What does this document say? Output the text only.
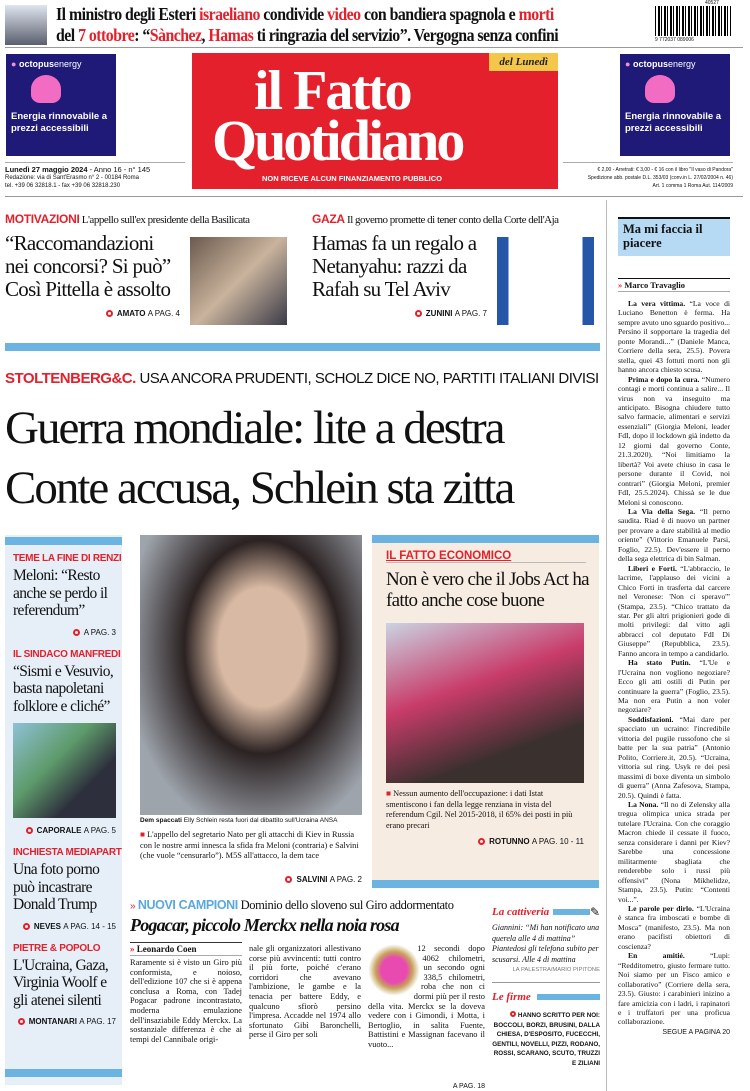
Il ministro degli Esteri israeliano condivide video con bandiera spagnola e morti
del 7 ottobre: “Sànchez, Hamas ti ringrazia del servizio”. Vergogna senza confini
40527
9 772037 089006
● octopusenergy
Energia rinnovabile a prezzi accessibili
● octopusenergy
Energia rinnovabile a prezzi accessibili
del Lunedì
il Fatto
Quotidiano
NON RICEVE ALCUN FINANZIAMENTO PUBBLICO
Lunedì 27 maggio 2024 - Anno 16 - n° 145
Redazione: via di Sant'Erasmo n° 2 - 00184 Roma
tel. +39 06 32818.1 - fax +39 06 32818.230
€ 2,00 - Arretrati: € 3,00 - € 16 con il libro "Il vaso di Pandora"
Spedizione abb. postale D.L. 353/03 (conv.in L. 27/02/2004 n. 46)
Art. 1 comma 1 Roma Aut. 114/2009
MOTIVAZIONI L'appello sull'ex presidente della Basilicata
“Raccomandazioni nei concorsi? Si può” Così Pittella è assolto
AMATO A PAG. 4
GAZA Il governo promette di tener conto della Corte dell'Aja
Hamas fa un regalo a Netanyahu: razzi da Rafah su Tel Aviv
ZUNINI A PAG. 7
STOLTENBERG&C. USA ANCORA PRUDENTI, SCHOLZ DICE NO, PARTITI ITALIANI DIVISI
Guerra mondiale: lite a destra
Conte accusa, Schlein sta zitta
TEME LA FINE DI RENZI
Meloni: “Resto anche se perdo il referendum”
A PAG. 3
IL SINDACO MANFREDI
“Sismi e Vesuvio, basta napoletani folklore e cliché”
CAPORALE A PAG. 5
INCHIESTA MEDIAPART
Una foto porno può incastrare Donald Trump
NEVES A PAG. 14 - 15
PIETRE & POPOLO
L'Ucraina, Gaza, Virginia Woolf e gli atenei silenti
MONTANARI A PAG. 17
Dem spaccati Elly Schlein resta fuori dal dibattito sull'Ucraina ANSA
■ L'appello del segretario Nato per gli attacchi di Kiev in Russia con le nostre armi innesca la sfida fra Meloni (contraria) e Salvini (che vuole “censurarlo”). M5S all'attacco, la dem tace
SALVINI A PAG. 2
IL FATTO ECONOMICO
Non è vero che il Jobs Act ha fatto anche cose buone
■ Nessun aumento dell'occupazione: i dati Istat smentiscono i fan della legge renziana in vista del referendum Cgil. Nel 2015-2018, il 65% dei posti in più erano precari
ROTUNNO A PAG. 10 - 11
» NUOVI CAMPIONI Dominio dello sloveno sul Giro addormentato
Pogacar, piccolo Merckx nella noia rosa
» Leonardo Coen
Raramente si è visto un Giro più conformista, e noioso, dell'edizione 107 che si è appena conclusa a Roma, con Tadej Pogacar padrone incontrastato, moderna emulazione dell'insaziabile Eddy Merckx. La sostanziale differenza è che ai tempi del Cannibale origi-
nale gli organizzatori allestivano corse più avvincenti: tutti contro il più forte, poiché c'erano corridori che avevano l'ambizione, le gambe e la tenacia per battere Eddy, e qualcuno sfiorò persino l'impresa. Accadde nel 1974 allo sfortunato Gibì Baronchelli, perse il Giro per soli
12 secondi dopo 4062 chilometri, un secondo ogni 338,5 chilometri, roba che non ci dormi più per il resto della vita. Merckx se la doveva vedere con i Gimondi, i Motta, i Bertoglio, in salita Fuente, Battistini e Massignan facevano il vuoto...
A PAG. 18
La cattiveria	✎
Giannini: “Mi han notificato una querela alle 4 di mattina” Piantedosi gli telefona subito per scusarsi. Alle 4 di mattina
LA PALESTRA/MARIO PIPITONE
Le firme
HANNO SCRITTO PER NOI:
BOCCOLI, BORZI, BRUSINI, DALLA CHIESA, D'ESPOSITO, FUCECCHI, GENTILI, NOVELLI, PIZZI, RODANO, ROSSI, SCARANO, SCUTO, TRUZZI E ZILIANI
Ma mi faccia il piacere
» Marco Travaglio

La vera vittima. “La voce di Luciano Benetton è ferma. Ha sempre avuto uno sguardo positivo... Persino il sopportare la tragedia del ponte Morandi...” (Daniele Manca, Corriere della sera, 25.5). Povera stella, quei 43 fottuti morti non gli hanno ancora chiesto scusa.

Prima e dopo la cura. “Numero contagi e morti continua a salire... Il virus non va inseguito ma anticipato. Bisogna chiudere tutto salvo farmacie, alimentari e servizi essenziali” (Giorgia Meloni, leader FdI, dopo il lockdown già indetto da 12 giorni dal governo Conte, 21.3.2020). “Noi limitiamo la libertà? Voi avete chiuso in casa le persone durante il Covid, noi contrari” (Giorgia Meloni, premier FdI, 25.5.2024). Chissà se le due Meloni si conoscono.

La Via della Sega. “Il perno saudita. Riad è di nuovo un partner per provare a dare stabilità al medio oriente” (Vittorio Emanuele Parsi, Foglio, 22.5). Dev'essere il perno della sega elettrica di bin Salman.

Liberi e Forti. “L'abbraccio, le lacrime, l'applauso dei vicini a Chico Forti in trasferta dal carcere nel Veronese: 'Non ci speravo'” (Stampa, 23.5). “Chico trattato da star. Per gli altri prigionieri gode di molti privilegi: dal vitto agli abbracci col deputato FdI Di Giuseppe” (Repubblica, 23.5). Fanno ancora in tempo a candidarlo.

Ha stato Putin. “L'Ue e l'Ucraina non vogliono negoziare? Ecco gli atti ostili di Putin per continuare la guerra” (Foglio, 23.5). Ma non era Putin a non voler negoziare?

Soddisfazioni. “Mai dare per spacciato un ucraino: l'incredibile vittoria del pugile russofono che si batte per la sua patria” (Antonio Polito, Corriere.it, 20.5). “Ucraina, vittoria sul ring. Usyk re dei pesi massimi di boxe diventa un simbolo di guerra” (Anna Zafesova, Stampa, 20.5). Quindi è fatta.

La Nona. “Il no di Zelensky alla tregua olimpica unica strada per tutelare l'Ucraina. Con che coraggio Macron chiede il cessate il fuoco, senza considerare i danni per Kiev? Sarebbe una concessione militarmente sbagliata che renderebbe solo i russi più offensivi” (Nona Mikhelidze, Stampa, 23.5). Putin: “Contenti voi...”.

Le parole per dirlo. “L'Ucraina è stanca fra imboscati e bombe di Mosca” (manifesto, 23.5). Ma non erano pacifisti obiettori di coscienza?

En amitié. “Lupi: “Redditometro, giusto fermare tutto. Noi siamo per un Fisco amico e collaborativo” (Corriere della sera, 23.5). Giusto: i carabinieri inizino a fare amicizia con i ladri, i rapinatori e i truffatori per una proficua collaborazione.

SEGUE A PAGINA 20
